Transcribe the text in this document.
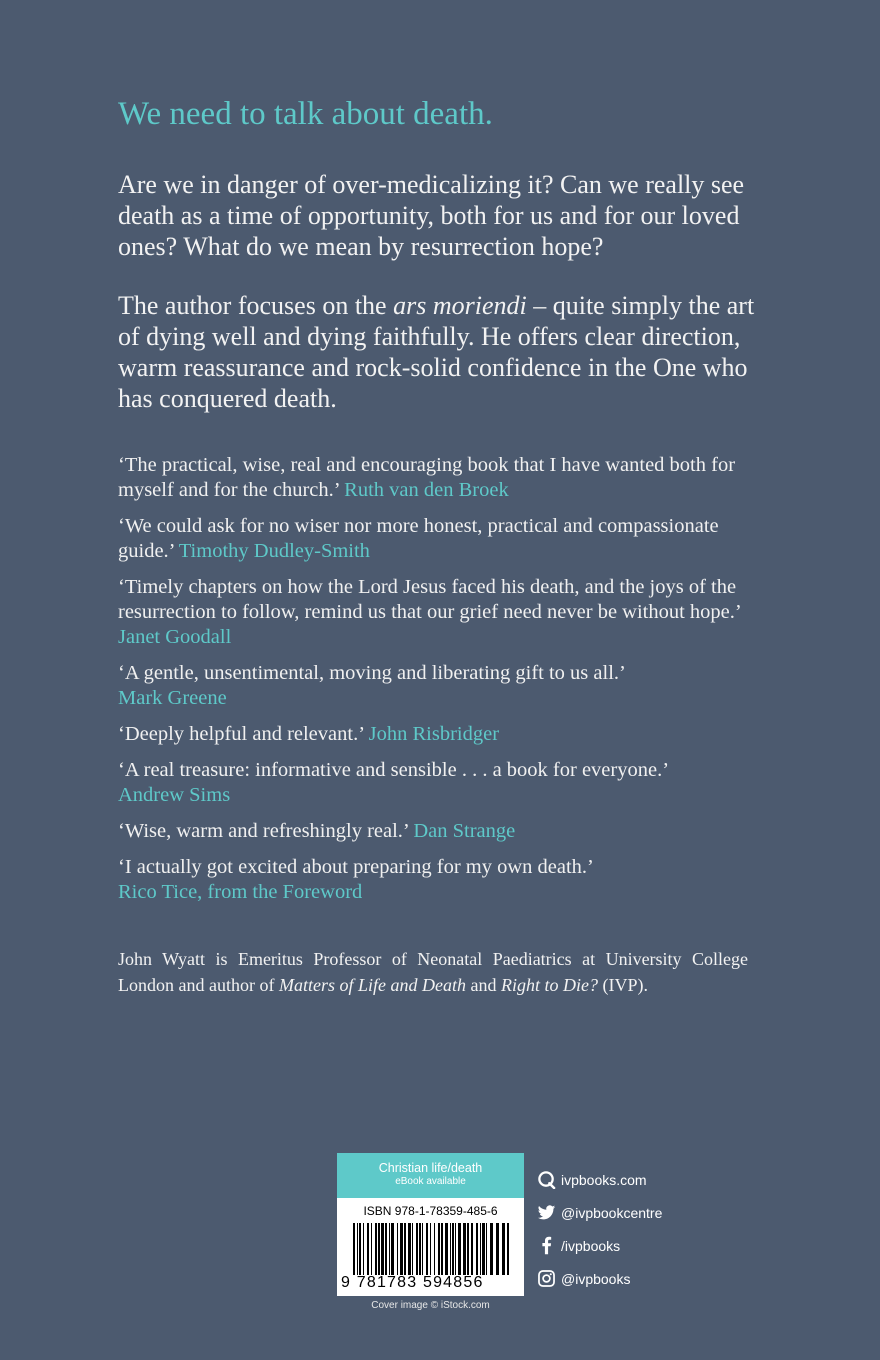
We need to talk about death.

Are we in danger of over-medicalizing it? Can we really see death as a time of opportunity, both for us and for our loved ones? What do we mean by resurrection hope?

The author focuses on the ars moriendi – quite simply the art of dying well and dying faithfully. He offers clear direction, warm reassurance and rock-solid confidence in the One who has conquered death.

‘The practical, wise, real and encouraging book that I have wanted both for myself and for the church.’ Ruth van den Broek

‘We could ask for no wiser nor more honest, practical and compassionate guide.’ Timothy Dudley-Smith

‘Timely chapters on how the Lord Jesus faced his death, and the joys of the resurrection to follow, remind us that our grief need never be without hope.’ Janet Goodall

‘A gentle, unsentimental, moving and liberating gift to us all.’
Mark Greene

‘Deeply helpful and relevant.’ John Risbridger

‘A real treasure: informative and sensible . . . a book for everyone.’
Andrew Sims

‘Wise, warm and refreshingly real.’ Dan Strange

‘I actually got excited about preparing for my own death.’
Rico Tice, from the Foreword

John Wyatt is Emeritus Professor of Neonatal Paediatrics at University College London and author of Matters of Life and Death and Right to Die? (IVP).

Christian life/death
eBook available
ISBN 978-1-78359-485-6
9 781783 594856
Cover image © iStock.com
ivpbooks.com
@ivpbookcentre
/ivpbooks
@ivpbooks
